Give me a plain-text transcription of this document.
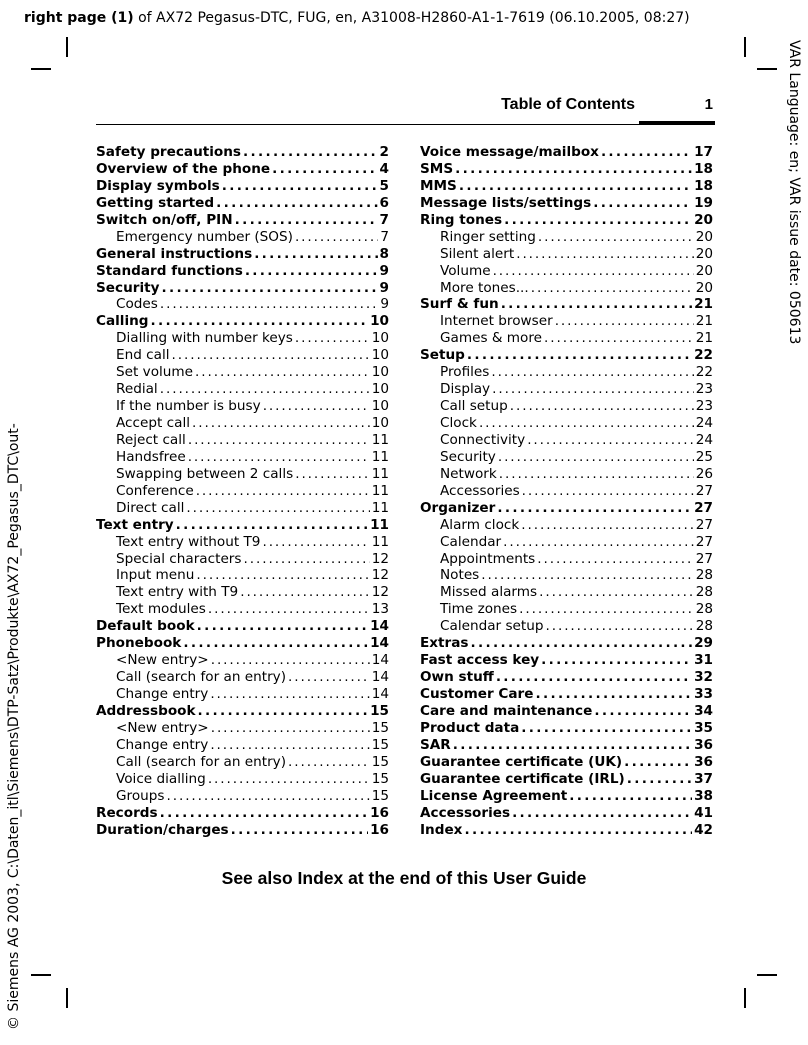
right page (1) of AX72 Pegasus-DTC, FUG, en, A31008-H2860-A1-1-7619 (06.10.2005, 08:27)
VAR Language: en; VAR issue date: 050613
© Siemens AG 2003, C:\Daten_itl\Siemens\DTP-Satz\Produkte\AX72_Pegasus_DTC\out-
Table of Contents	1
Safety precautions . . .	2
Overview of the phone . . .	4
Display symbols . . .	5
Getting started . . .	6
Switch on/off, PIN . . .	7
Emergency number (SOS) . . .	7
General instructions . . .	8
Standard functions . . .	9
Security . . .	9
Codes . . .	9
Calling . . .	10
Dialling with number keys . . .	10
End call . . .	10
Set volume . . .	10
Redial . . .	10
If the number is busy . . .	10
Accept call . . .	10
Reject call . . .	11
Handsfree . . .	11
Swapping between 2 calls . . .	11
Conference . . .	11
Direct call . . .	11
Text entry . . .	11
Text entry without T9 . . .	11
Special characters . . .	12
Input menu . . .	12
Text entry with T9 . . .	12
Text modules . . .	13
Default book . . .	14
Phonebook . . .	14
<New entry> . . .	14
Call (search for an entry) . . .	14
Change entry . . .	14
Addressbook . . .	15
<New entry> . . .	15
Change entry . . .	15
Call (search for an entry) . . .	15
Voice dialling . . .	15
Groups . . .	15
Records . . .	16
Duration/charges . . .	16
Voice message/mailbox . . .	17
SMS . . .	18
MMS . . .	18
Message lists/settings . . .	19
Ring tones . . .	20
Ringer setting . . .	20
Silent alert . . .	20
Volume . . .	20
More tones... . . .	20
Surf & fun . . .	21
Internet browser . . .	21
Games & more . . .	21
Setup . . .	22
Profiles . . .	22
Display . . .	23
Call setup . . .	23
Clock . . .	24
Connectivity . . .	24
Security . . .	25
Network . . .	26
Accessories . . .	27
Organizer . . .	27
Alarm clock . . .	27
Calendar . . .	27
Appointments . . .	27
Notes . . .	28
Missed alarms . . .	28
Time zones . . .	28
Calendar setup . . .	28
Extras . . .	29
Fast access key . . .	31
Own stuff . . .	32
Customer Care . . .	33
Care and maintenance . . .	34
Product data . . .	35
SAR . . .	36
Guarantee certificate (UK) . . .	36
Guarantee certificate (IRL) . . .	37
License Agreement . . .	38
Accessories . . .	41
Index . . .	42
See also Index at the end of this User Guide
